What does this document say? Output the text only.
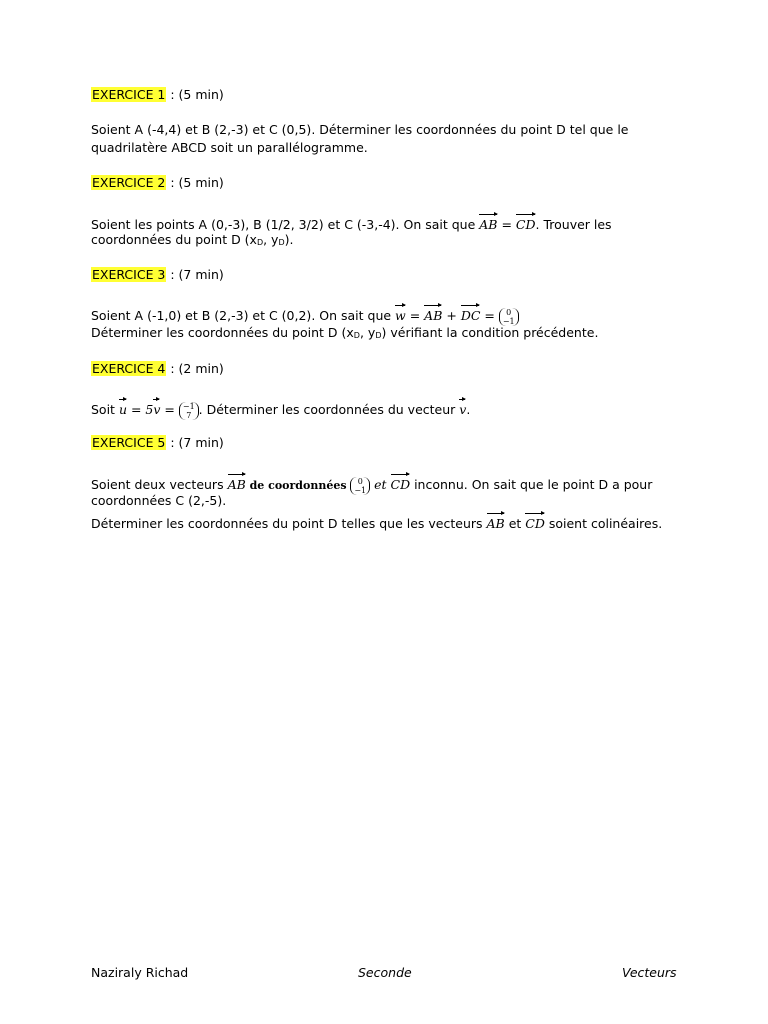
EXERCICE 1 : (5 min)
Soient A (-4,4) et B (2,-3) et C (0,5). Déterminer les coordonnées du point D tel que le
quadrilatère ABCD soit un parallélogramme.
EXERCICE 2 : (5 min)
Soient les points A (0,-3), B (1/2, 3/2) et C (-3,-4). On sait que AB = CD. Trouver les
coordonnées du point D (xD, yD).
EXERCICE 3 : (7 min)
Soient A (-1,0) et B (2,-3) et C (0,2). On sait que w = AB + DC = 0
−1
Déterminer les coordonnées du point D (xD, yD) vérifiant la condition précédente.
EXERCICE 4 : (2 min)
Soit u = 5v = −1
7 . Déterminer les coordonnées du vecteur v.
EXERCICE 5 : (7 min)
Soient deux vecteurs AB de coordonnées 0
−1 et CD inconnu. On sait que le point D a pour
coordonnées C (2,-5).
Déterminer les coordonnées du point D telles que les vecteurs AB et CD soient colinéaires.
Naziraly Richad	Seconde	Vecteurs
